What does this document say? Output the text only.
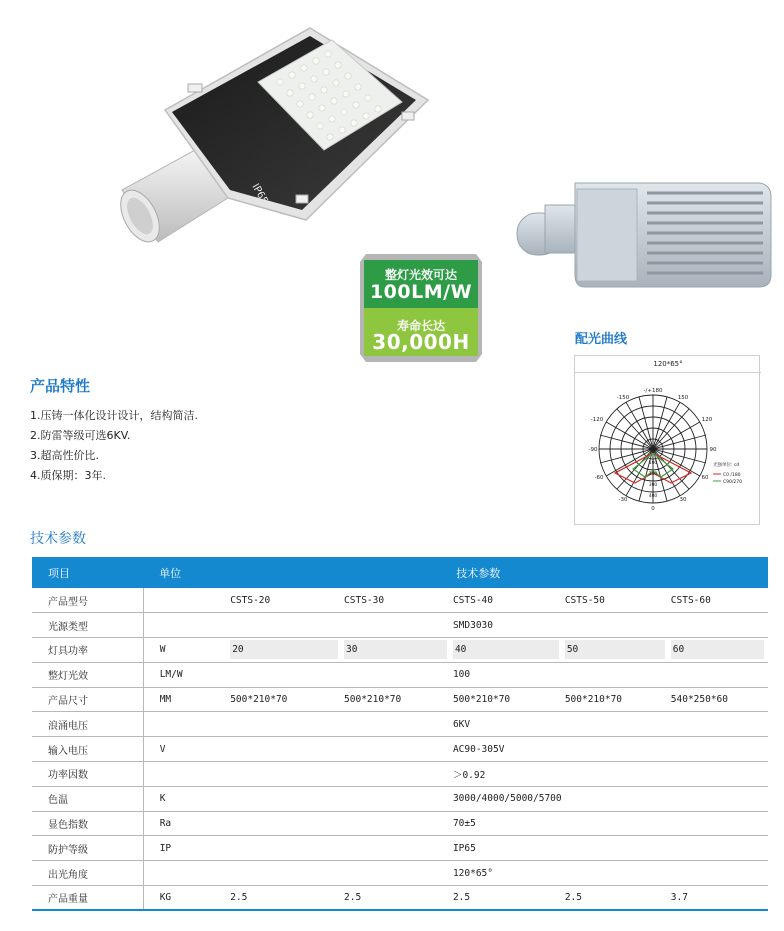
IP65
整灯光效可达
100LM/W
寿命长达
30,000H	配光曲线
120*65°
-/+180
-150	150
-120	120
-90	90
-60	60
-30	30
0
0
100
200
300
400
光强单位: cd
C0 /180
C90/270
产品特性
1.压铸一体化设计设计，结构简洁.
2.防雷等级可选6KV.
3.超高性价比.
4.质保期：3年.
技术参数
项目	单位	技术参数				
产品型号		CSTS-20	CSTS-30	CSTS-40	CSTS-50	CSTS-60

光源类型				SMD3030		
灯具功率	W	20	30	40	50	60

整灯光效	LM/W			100		
产品尺寸	MM	500*210*70	500*210*70	500*210*70	500*210*70	540*250*60

浪涌电压				6KV		
输入电压	V			AC90-305V		
功率因数				＞0.92		
色温	K			3000/4000/5000/5700		
显色指数	Ra			70±5		
防护等级	IP			IP65		
出光角度				120*65°		
产品重量	KG	2.5	2.5	2.5	2.5	3.7
